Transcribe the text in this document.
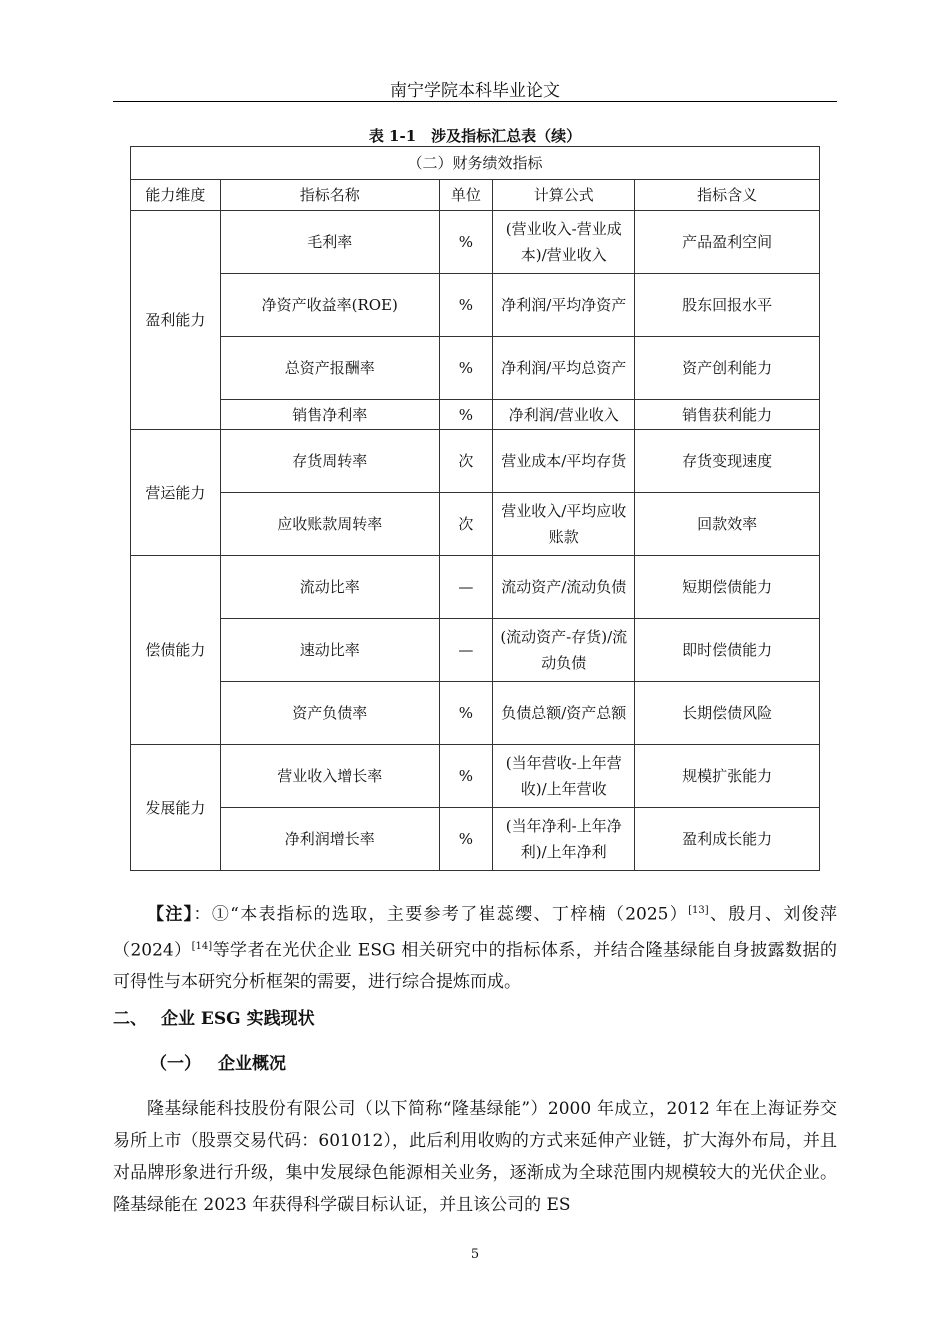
南宁学院本科毕业论文
表 1-1　涉及指标汇总表（续）
（二）财务绩效指标				
能力维度	指标名称	单位	计算公式	指标含义
盈利能力	毛利率	%	(营业收入-营业成本)/营业收入	产品盈利空间
	净资产收益率(ROE)	%	净利润/平均净资产	股东回报水平
	总资产报酬率	%	净利润/平均总资产	资产创利能力
	销售净利率	%	净利润/营业收入	销售获利能力
营运能力	存货周转率	次	营业成本/平均存货	存货变现速度
	应收账款周转率	次	营业收入/平均应收账款	回款效率
偿债能力	流动比率	—	流动资产/流动负债	短期偿债能力
	速动比率	—	(流动资产-存货)/流动负债	即时偿债能力
	资产负债率	%	负债总额/资产总额	长期偿债风险
发展能力	营业收入增长率	%	(当年营收-上年营收)/上年营收	规模扩张能力
	净利润增长率	%	(当年净利-上年净利)/上年净利	盈利成长能力
【注】：①“本表指标的选取，主要参考了崔蕊缨、丁梓楠（2025）[13]、殷月、刘俊萍（2024）[14]等学者在光伏企业 ESG 相关研究中的指标体系，并结合隆基绿能自身披露数据的可得性与本研究分析框架的需要，进行综合提炼而成。
二、 企业 ESG 实践现状
（一） 企业概况
隆基绿能科技股份有限公司（以下简称“隆基绿能”）2000 年成立，2012 年在上海证券交易所上市（股票交易代码：601012），此后利用收购的方式来延伸产业链，扩大海外布局，并且对品牌形象进行升级，集中发展绿色能源相关业务，逐渐成为全球范围内规模较大的光伏企业。隆基绿能在 2023 年获得科学碳目标认证，并且该公司的 ES
5
